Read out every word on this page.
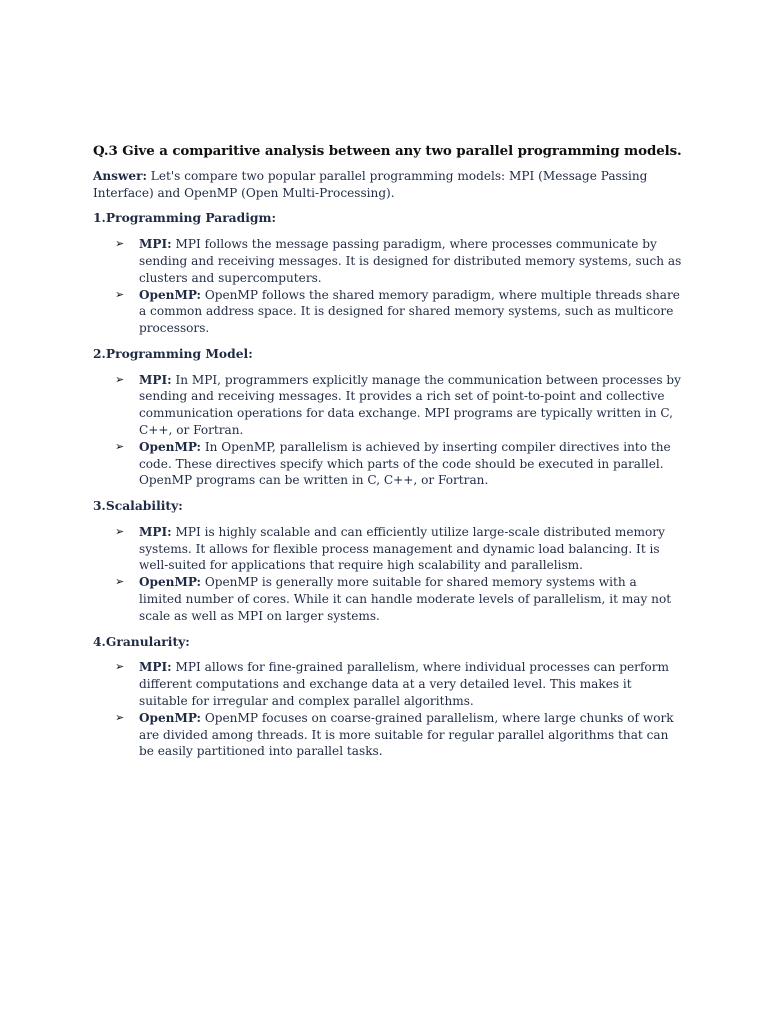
Q.3 Give a comparitive analysis between any two parallel programming models.
Answer: Let's compare two popular parallel programming models: MPI (Message Passing Interface) and OpenMP (Open Multi-Processing).
1.Programming Paradigm:
➢ MPI: MPI follows the message passing paradigm, where processes communicate by sending and receiving messages. It is designed for distributed memory systems, such as clusters and supercomputers.
➢ OpenMP: OpenMP follows the shared memory paradigm, where multiple threads share a common address space. It is designed for shared memory systems, such as multicore processors.
2.Programming Model:
➢ MPI: In MPI, programmers explicitly manage the communication between processes by sending and receiving messages. It provides a rich set of point-to-point and collective communication operations for data exchange. MPI programs are typically written in C, C++, or Fortran.
➢ OpenMP: In OpenMP, parallelism is achieved by inserting compiler directives into the code. These directives specify which parts of the code should be executed in parallel. OpenMP programs can be written in C, C++, or Fortran.
3.Scalability:
➢ MPI: MPI is highly scalable and can efficiently utilize large-scale distributed memory systems. It allows for flexible process management and dynamic load balancing. It is well-suited for applications that require high scalability and parallelism.
➢ OpenMP: OpenMP is generally more suitable for shared memory systems with a limited number of cores. While it can handle moderate levels of parallelism, it may not scale as well as MPI on larger systems.
4.Granularity:
➢ MPI: MPI allows for fine-grained parallelism, where individual processes can perform different computations and exchange data at a very detailed level. This makes it suitable for irregular and complex parallel algorithms.
➢ OpenMP: OpenMP focuses on coarse-grained parallelism, where large chunks of work are divided among threads. It is more suitable for regular parallel algorithms that can be easily partitioned into parallel tasks.
